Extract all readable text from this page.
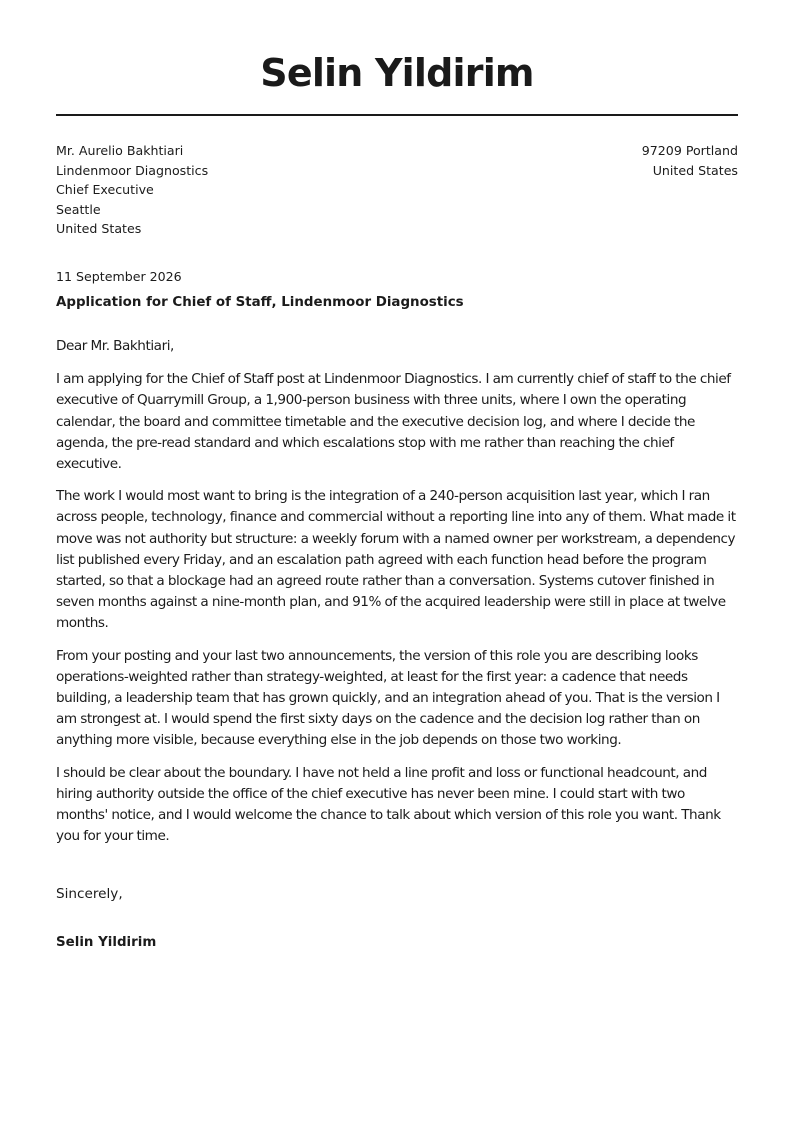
Selin Yildirim
Mr. Aurelio Bakhtiari
Lindenmoor Diagnostics
Chief Executive
Seattle
United States
97209 Portland
United States
11 September 2026
Application for Chief of Staff, Lindenmoor Diagnostics

Dear Mr. Bakhtiari,

I am applying for the Chief of Staff post at Lindenmoor Diagnostics. I am currently chief of staff to the chief executive of Quarrymill Group, a 1,900-person business with three units, where I own the operating calendar, the board and committee timetable and the executive decision log, and where I decide the agenda, the pre-read standard and which escalations stop with me rather than reaching the chief executive.

The work I would most want to bring is the integration of a 240-person acquisition last year, which I ran across people, technology, finance and commercial without a reporting line into any of them. What made it move was not authority but structure: a weekly forum with a named owner per workstream, a dependency list published every Friday, and an escalation path agreed with each function head before the program started, so that a blockage had an agreed route rather than a conversation. Systems cutover finished in seven months against a nine-month plan, and 91% of the acquired leadership were still in place at twelve months.

From your posting and your last two announcements, the version of this role you are describing looks operations-weighted rather than strategy-weighted, at least for the first year: a cadence that needs building, a leadership team that has grown quickly, and an integration ahead of you. That is the version I am strongest at. I would spend the first sixty days on the cadence and the decision log rather than on anything more visible, because everything else in the job depends on those two working.

I should be clear about the boundary. I have not held a line profit and loss or functional headcount, and hiring authority outside the office of the chief executive has never been mine. I could start with two months' notice, and I would welcome the chance to talk about which version of this role you want. Thank you for your time.

Sincerely,
Selin Yildirim
